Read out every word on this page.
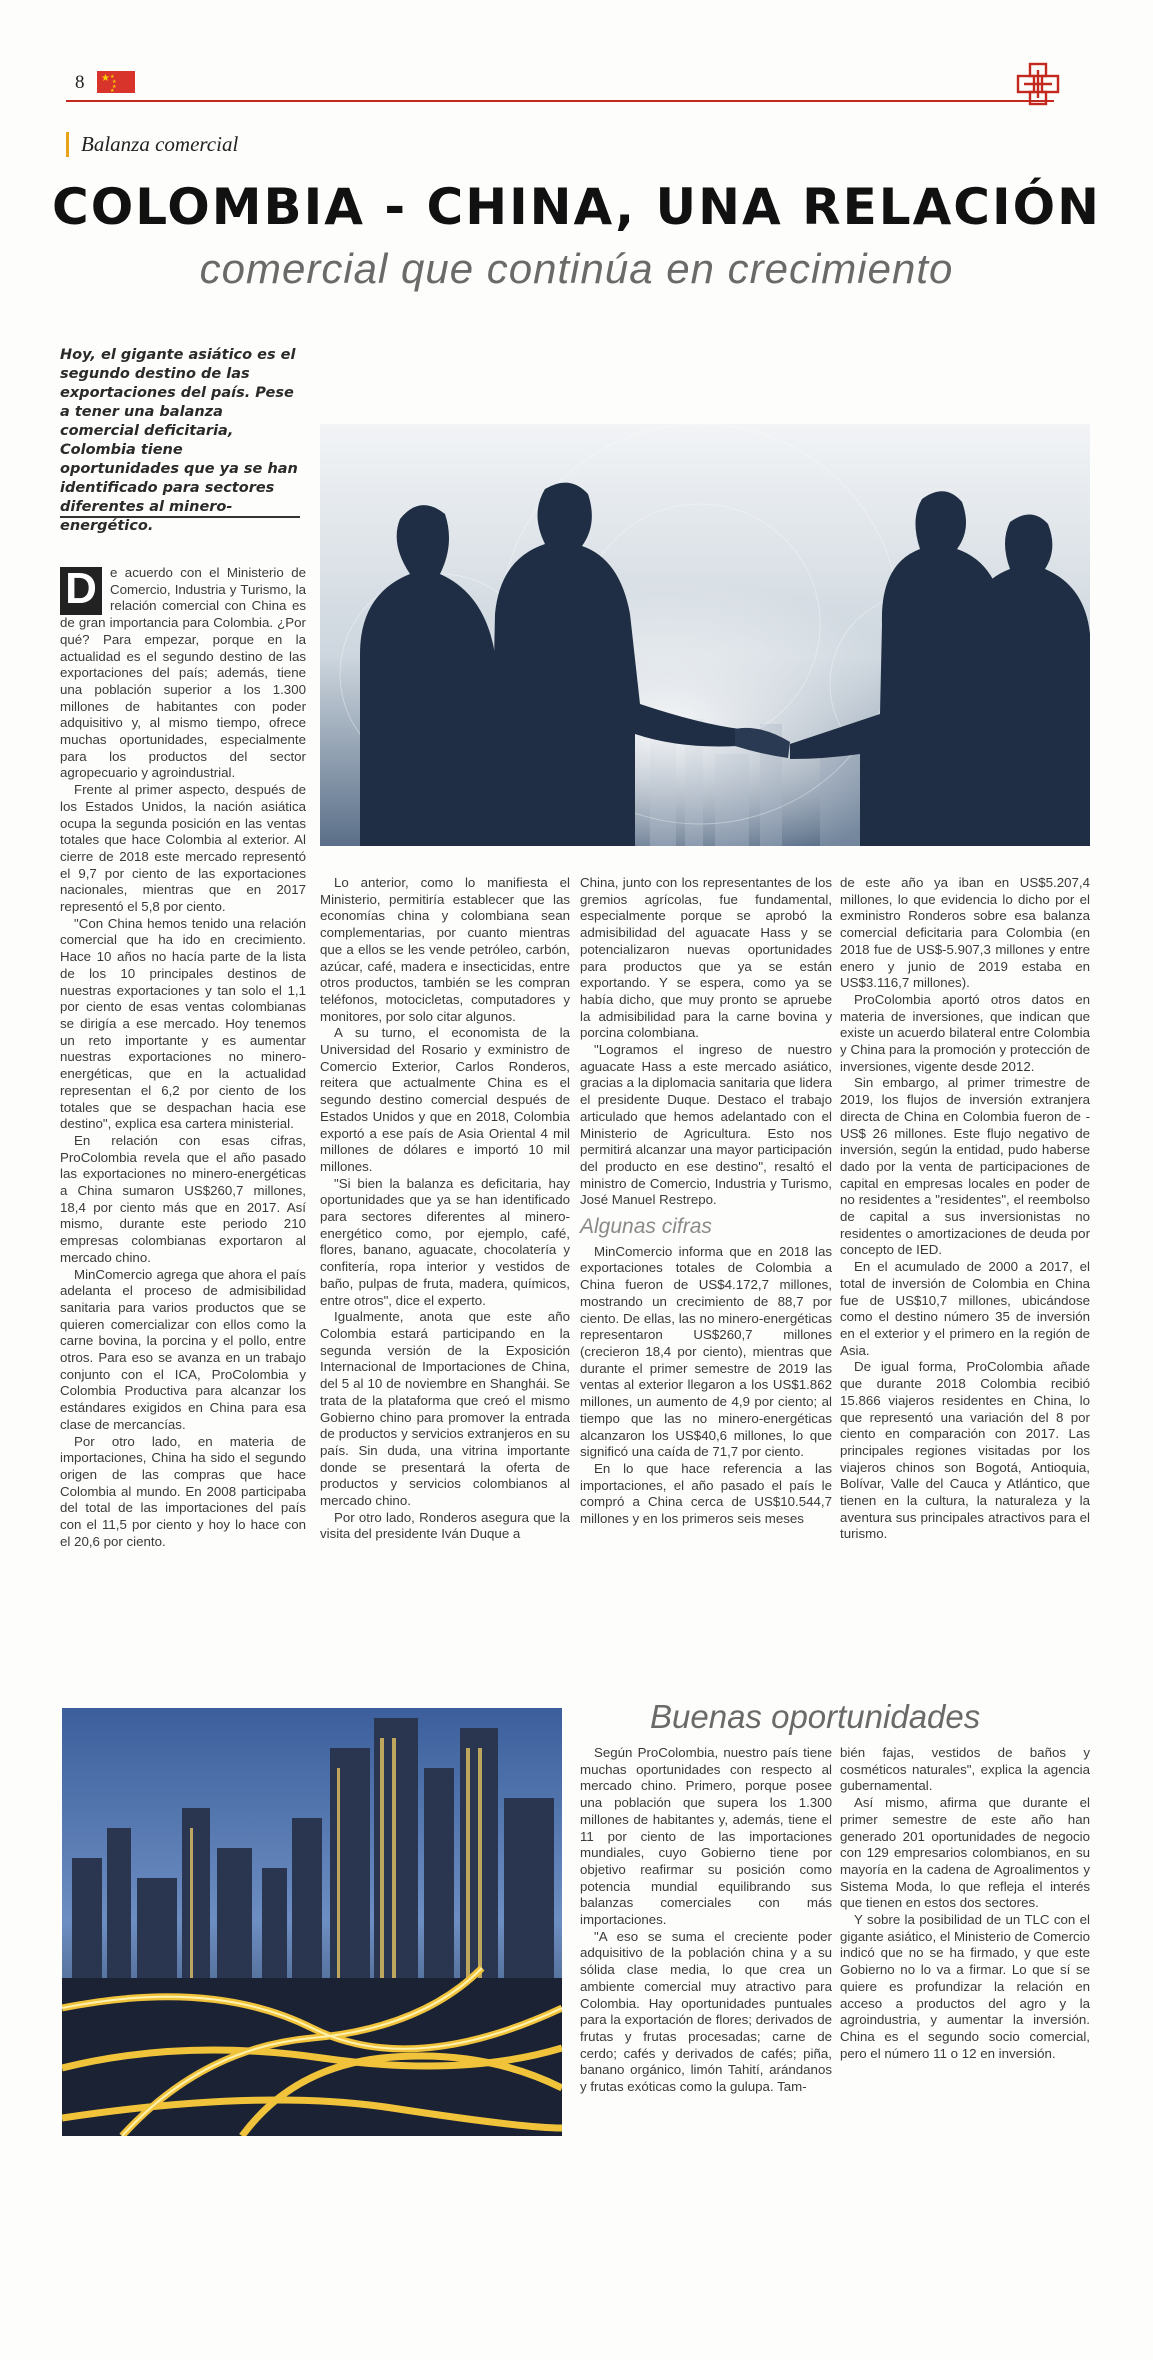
8 ★ ★
★
★
★
Balanza comercial
COLOMBIA - CHINA, UNA RELACIÓN
comercial que continúa en crecimiento
Hoy, el gigante asiático es el segundo destino de las exportaciones del país. Pese a tener una balanza comercial deficitaria, Colombia tiene oportunidades que ya se han identificado para sectores diferentes al minero-energético.
D e acuerdo con el Ministerio de Comercio, Industria y Turismo, la relación comercial con China es de gran importancia para Colombia. ¿Por qué? Para empezar, porque en la actualidad es el segundo destino de las exportaciones del país; además, tiene una población superior a los 1.300 millones de habitantes con poder adquisitivo y, al mismo tiempo, ofrece muchas oportunidades, especialmente para los productos del sector agropecuario y agroindustrial.

Frente al primer aspecto, después de los Estados Unidos, la nación asiática ocupa la segunda posición en las ventas totales que hace Colombia al exterior. Al cierre de 2018 este mercado representó el 9,7 por ciento de las exportaciones nacionales, mientras que en 2017 representó el 5,8 por ciento.

"Con China hemos tenido una relación comercial que ha ido en crecimiento. Hace 10 años no hacía parte de la lista de los 10 principales destinos de nuestras exportaciones y tan solo el 1,1 por ciento de esas ventas colombianas se dirigía a ese mercado. Hoy tenemos un reto importante y es aumentar nuestras exportaciones no minero-energéticas, que en la actualidad representan el 6,2 por ciento de los totales que se despachan hacia ese destino", explica esa cartera ministerial.

En relación con esas cifras, ProColombia revela que el año pasado las exportaciones no minero-energéticas a China sumaron US$260,7 millones, 18,4 por ciento más que en 2017. Así mismo, durante este periodo 210 empresas colombianas exportaron al mercado chino.

MinComercio agrega que ahora el país adelanta el proceso de admisibilidad sanitaria para varios productos que se quieren comercializar con ellos como la carne bovina, la porcina y el pollo, entre otros. Para eso se avanza en un trabajo conjunto con el ICA, ProColombia y Colombia Productiva para alcanzar los estándares exigidos en China para esa clase de mercancías.

Por otro lado, en materia de importaciones, China ha sido el segundo origen de las compras que hace Colombia al mundo. En 2008 participaba del total de las importaciones del país con el 11,5 por ciento y hoy lo hace con el 20,6 por ciento.

Lo anterior, como lo manifiesta el Ministerio, permitiría establecer que las economías china y colombiana sean complementarias, por cuanto mientras que a ellos se les vende petróleo, carbón, azúcar, café, madera e insecticidas, entre otros productos, también se les compran teléfonos, motocicletas, computadores y monitores, por solo citar algunos.

A su turno, el economista de la Universidad del Rosario y exministro de Comercio Exterior, Carlos Ronderos, reitera que actualmente China es el segundo destino comercial después de Estados Unidos y que en 2018, Colombia exportó a ese país de Asia Oriental 4 mil millones de dólares e importó 10 mil millones.

"Si bien la balanza es deficitaria, hay oportunidades que ya se han identificado para sectores diferentes al minero-energético como, por ejemplo, café, flores, banano, aguacate, chocolatería y confitería, ropa interior y vestidos de baño, pulpas de fruta, madera, químicos, entre otros", dice el experto.

Igualmente, anota que este año Colombia estará participando en la segunda versión de la Exposición Internacional de Importaciones de China, del 5 al 10 de noviembre en Shanghái. Se trata de la plataforma que creó el mismo Gobierno chino para promover la entrada de productos y servicios extranjeros en su país. Sin duda, una vitrina importante donde se presentará la oferta de productos y servicios colombianos al mercado chino.

Por otro lado, Ronderos asegura que la visita del presidente Iván Duque a

China, junto con los representantes de los gremios agrícolas, fue fundamental, especialmente porque se aprobó la admisibilidad del aguacate Hass y se potencializaron nuevas oportunidades para productos que ya se están exportando. Y se espera, como ya se había dicho, que muy pronto se apruebe la admisibilidad para la carne bovina y porcina colombiana.

"Logramos el ingreso de nuestro aguacate Hass a este mercado asiático, gracias a la diplomacia sanitaria que lidera el presidente Duque. Destaco el trabajo articulado que hemos adelantado con el Ministerio de Agricultura. Esto nos permitirá alcanzar una mayor participación del producto en ese destino", resaltó el ministro de Comercio, Industria y Turismo, José Manuel Restrepo.

Algunas cifras

MinComercio informa que en 2018 las exportaciones totales de Colombia a China fueron de US$4.172,7 millones, mostrando un crecimiento de 88,7 por ciento. De ellas, las no minero-energéticas representaron US$260,7 millones (crecieron 18,4 por ciento), mientras que durante el primer semestre de 2019 las ventas al exterior llegaron a los US$1.862 millones, un aumento de 4,9 por ciento; al tiempo que las no minero-energéticas alcanzaron los US$40,6 millones, lo que significó una caída de 71,7 por ciento.

En lo que hace referencia a las importaciones, el año pasado el país le compró a China cerca de US$10.544,7 millones y en los primeros seis meses

de este año ya iban en US$5.207,4 millones, lo que evidencia lo dicho por el exministro Ronderos sobre esa balanza comercial deficitaria para Colombia (en 2018 fue de US$-5.907,3 millones y entre enero y junio de 2019 estaba en US$3.116,7 millones).

ProColombia aportó otros datos en materia de inversiones, que indican que existe un acuerdo bilateral entre Colombia y China para la promoción y protección de inversiones, vigente desde 2012.

Sin embargo, al primer trimestre de 2019, los flujos de inversión extranjera directa de China en Colombia fueron de -US$ 26 millones. Este flujo negativo de inversión, según la entidad, pudo haberse dado por la venta de participaciones de capital en empresas locales en poder de no residentes a "residentes", el reembolso de capital a sus inversionistas no residentes o amortizaciones de deuda por concepto de IED.

En el acumulado de 2000 a 2017, el total de inversión de Colombia en China fue de US$10,7 millones, ubicándose como el destino número 35 de inversión en el exterior y el primero en la región de Asia.

De igual forma, ProColombia añade que durante 2018 Colombia recibió 15.866 viajeros residentes en China, lo que representó una variación del 8 por ciento en comparación con 2017. Las principales regiones visitadas por los viajeros chinos son Bogotá, Antioquia, Bolívar, Valle del Cauca y Atlántico, que tienen en la cultura, la naturaleza y la aventura sus principales atractivos para el turismo.

Buenas oportunidades

Según ProColombia, nuestro país tiene muchas oportunidades con respecto al mercado chino. Primero, porque posee una población que supera los 1.300 millones de habitantes y, además, tiene el 11 por ciento de las importaciones mundiales, cuyo Gobierno tiene por objetivo reafirmar su posición como potencia mundial equilibrando sus balanzas comerciales con más importaciones.

"A eso se suma el creciente poder adquisitivo de la población china y a su sólida clase media, lo que crea un ambiente comercial muy atractivo para Colombia. Hay oportunidades puntuales para la exportación de flores; derivados de frutas y frutas procesadas; carne de cerdo; cafés y derivados de cafés; piña, banano orgánico, limón Tahití, arándanos y frutas exóticas como la gulupa. Tam-

bién fajas, vestidos de baños y cosméticos naturales", explica la agencia gubernamental.

Así mismo, afirma que durante el primer semestre de este año han generado 201 oportunidades de negocio con 129 empresarios colombianos, en su mayoría en la cadena de Agroalimentos y Sistema Moda, lo que refleja el interés que tienen en estos dos sectores.

Y sobre la posibilidad de un TLC con el gigante asiático, el Ministerio de Comercio indicó que no se ha firmado, y que este Gobierno no lo va a firmar. Lo que sí se quiere es profundizar la relación en acceso a productos del agro y la agroindustria, y aumentar la inversión. China es el segundo socio comercial, pero el número 11 o 12 en inversión.
